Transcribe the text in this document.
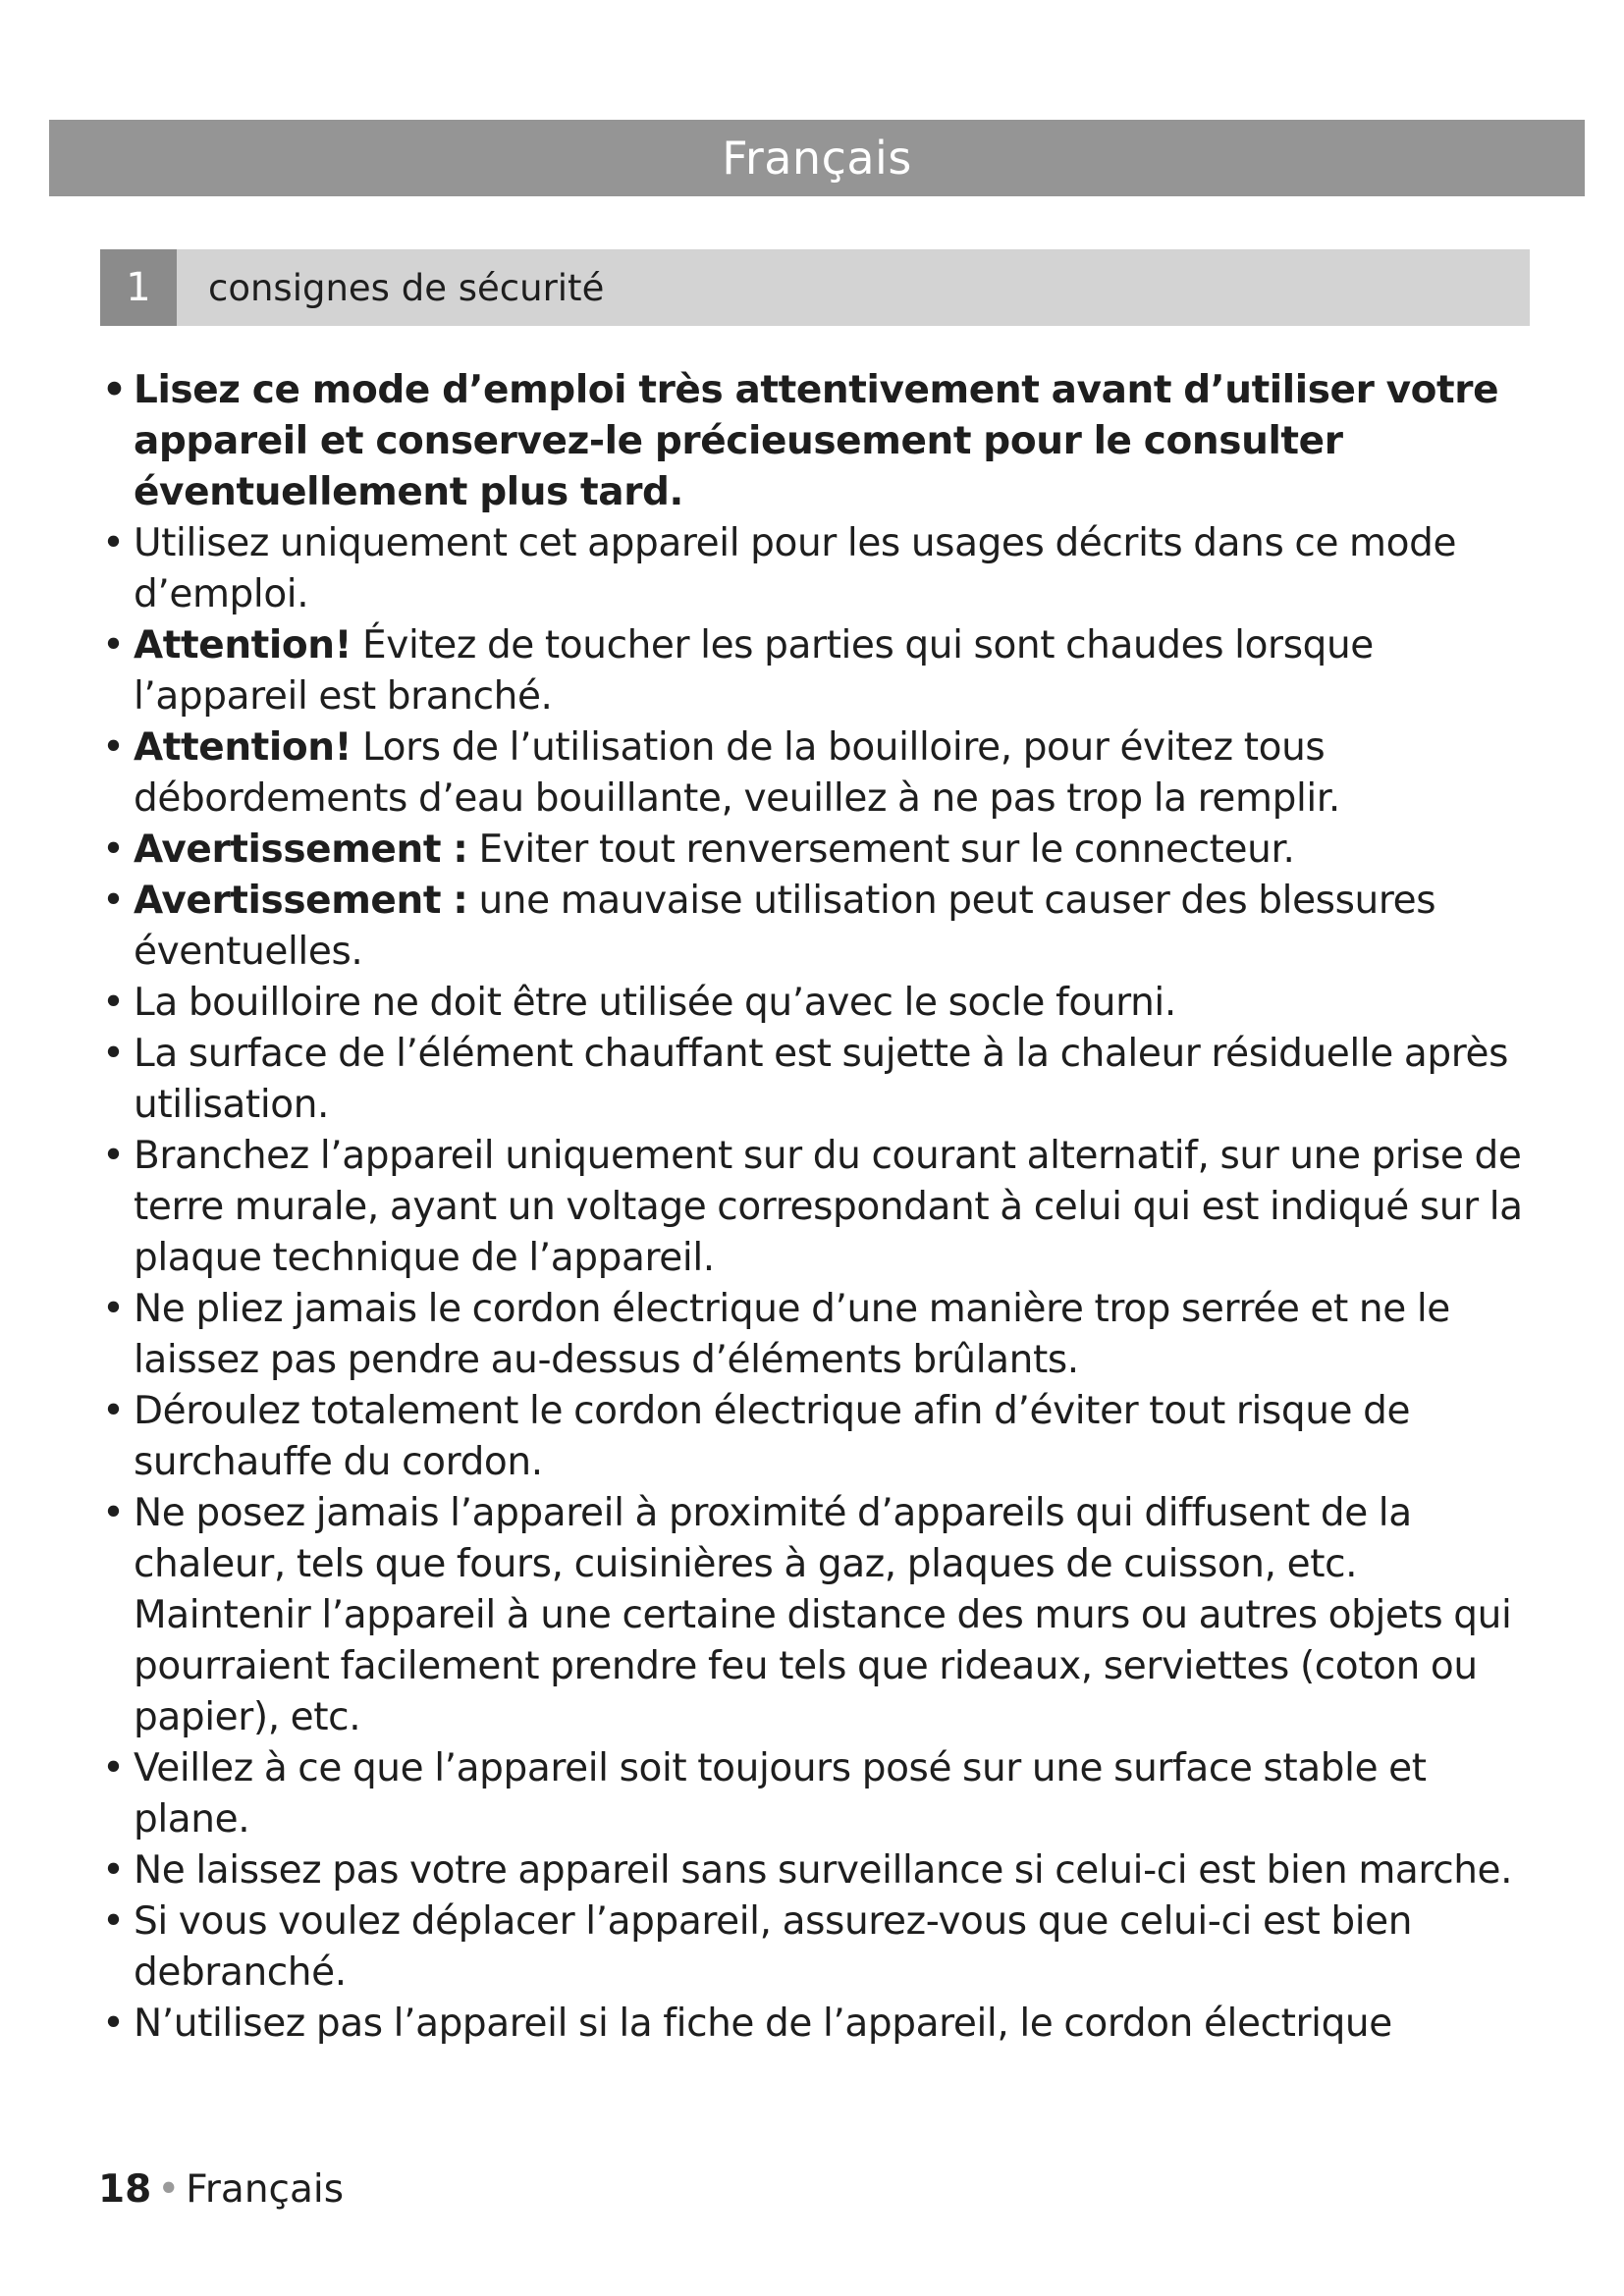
Français
1	consignes de sécurité
• Lisez ce mode d’emploi très attentivement avant d’utiliser votre appareil et conservez-le précieusement pour le consulter éventuellement plus tard.
• Utilisez uniquement cet appareil pour les usages décrits dans ce mode d’emploi.
• Attention! Évitez de toucher les parties qui sont chaudes lorsque l’appareil est branché.
• Attention! Lors de l’utilisation de la bouilloire, pour évitez tous débordements d’eau bouillante, veuillez à ne pas trop la remplir.
• Avertissement : Eviter tout renversement sur le connecteur.
• Avertissement : une mauvaise utilisation peut causer des blessures éventuelles.
• La bouilloire ne doit être utilisée qu’avec le socle fourni.
• La surface de l’élément chauffant est sujette à la chaleur résiduelle après utilisation.
• Branchez l’appareil uniquement sur du courant alternatif, sur une prise de terre murale, ayant un voltage correspondant à celui qui est indiqué sur la plaque technique de l’appareil.
• Ne pliez jamais le cordon électrique d’une manière trop serrée et ne le laissez pas pendre au-dessus d’éléments brûlants.
• Déroulez totalement le cordon électrique afin d’éviter tout risque de surchauffe du cordon.
• Ne posez jamais l’appareil à proximité d’appareils qui diffusent de la chaleur, tels que fours, cuisinières à gaz, plaques de cuisson, etc. Maintenir l’appareil à une certaine distance des murs ou autres objets qui pourraient facilement prendre feu tels que rideaux, serviettes (coton ou papier), etc.
• Veillez à ce que l’appareil soit toujours posé sur une surface stable et plane.
• Ne laissez pas votre appareil sans surveillance si celui-ci est bien marche.
• Si vous voulez déplacer l’appareil, assurez-vous que celui-ci est bien debranché.
• N’utilisez pas l’appareil si la fiche de l’appareil, le cordon électrique
18 • Français
